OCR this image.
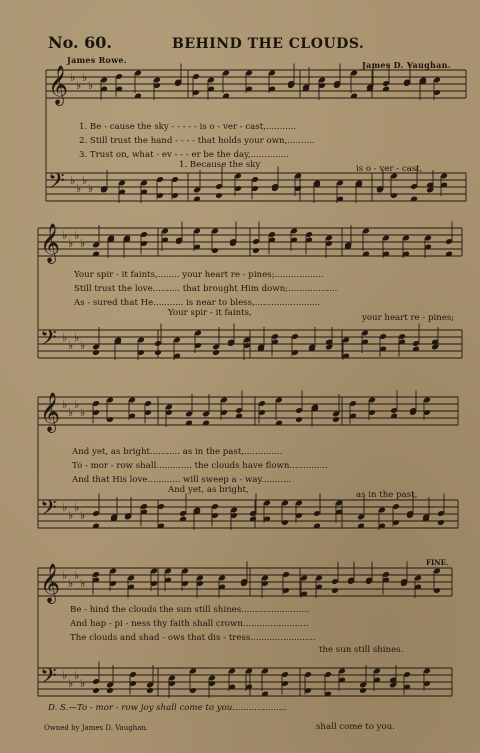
No. 60.	BEHIND THE CLOUDS.
James Rowe.	James D. Vaughan.
𝄞 ♭
♭
♭
♭
𝄢 ♭
♭
♭
♭
𝄞 ♭
♭
♭
♭
𝄢 ♭
♭
♭
♭
𝄞 ♭
♭
♭
♭
𝄢 ♭
♭
♭
♭
𝄞 ♭
♭
♭
♭
𝄢 ♭
♭
♭
♭
1. Be - cause the sky - - - - - is o - ver - cast,...........
2. Still trust the hand - - - - that holds your own,..........
3. Trust on, what - ev - - - er be the day,..............
1. Because the sky	is o - ver - cast,
Your spir - it faints,........ your heart re - pines;..................
Still trust the love.......... that brought Him down;..................
As - sured that He........... is near to bless,........................
Your spir - it faints,	your heart re - pines;
And yet, as bright........... as in the past,..............
To - mor - row shall............. the clouds have flown..............
And that His love............ will sweep a - way...........
And yet, as bright,	as in the past,
FINE.
Be - hind the clouds the sun still shines.........................
And hap - pi - ness thy faith shall crown........................
The clouds and shad - ows that dis - tress........................
the sun still shines.
D. S.—To - mor - row joy shall come to you....................
shall come to you.
Owned by James D. Vaughan.
